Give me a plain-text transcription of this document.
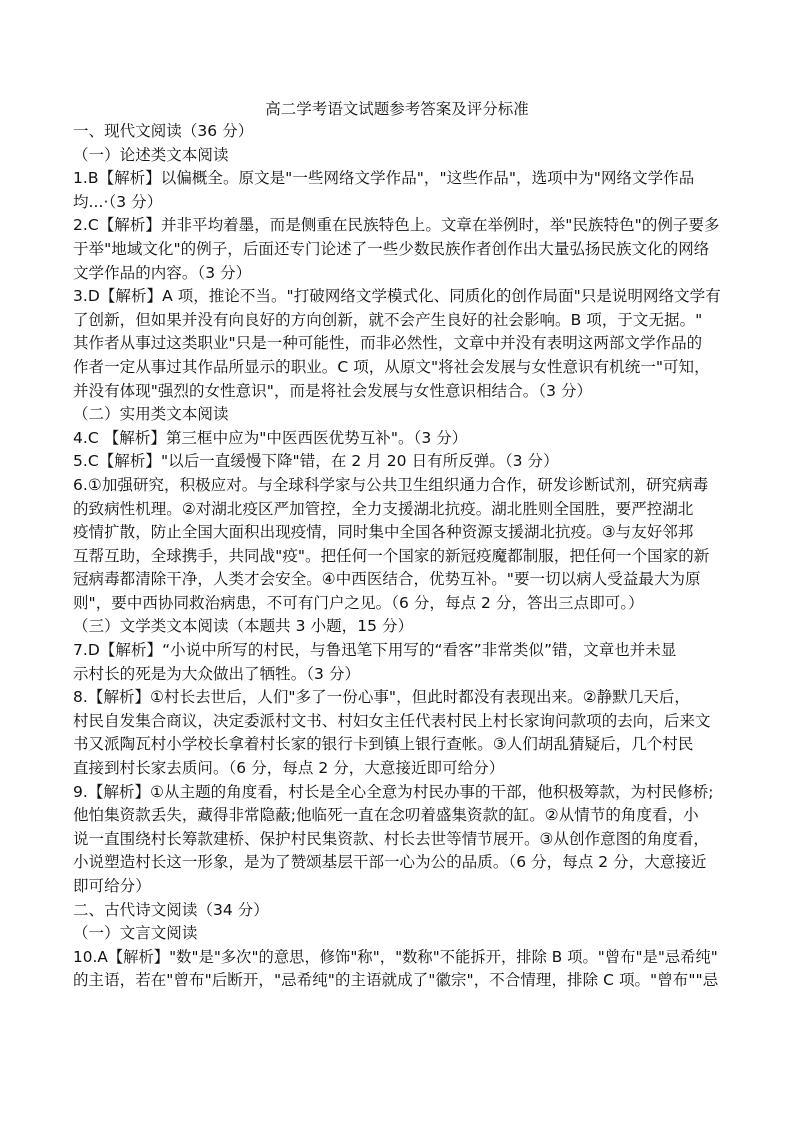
高二学考语文试题参考答案及评分标准

一、现代文阅读（36 分）

（一）论述类文本阅读

1.B【解析】以偏概全。原文是"一些网络文学作品"，"这些作品"，选项中为"网络文学作品

均...·（3 分）

2.C【解析】并非平均着墨，而是侧重在民族特色上。文章在举例时，举"民族特色"的例子要多

于举"地域文化"的例子，后面还专门论述了一些少数民族作者创作出大量弘扬民族文化的网络

文学作品的内容。（3 分）

3.D【解析】A 项，推论不当。"打破网络文学模式化、同质化的创作局面"只是说明网络文学有

了创新，但如果并没有向良好的方向创新，就不会产生良好的社会影响。B 项，于文无据。"

其作者从事过这类职业"只是一种可能性，而非必然性，文章中并没有表明这两部文学作品的

作者一定从事过其作品所显示的职业。C 项，从原文"将社会发展与女性意识有机统一"可知，

并没有体现"强烈的女性意识"，而是将社会发展与女性意识相结合。（3 分）

（二）实用类文本阅读

4.C 【解析】第三框中应为"中医西医优势互补"。（3 分）

5.C【解析】"以后一直缓慢下降"错，在 2 月 20 日有所反弹。（3 分）

6.①加强研究，积极应对。与全球科学家与公共卫生组织通力合作，研发诊断试剂，研究病毒

的致病性机理。②对湖北疫区严加管控，全力支援湖北抗疫。湖北胜则全国胜，要严控湖北

疫情扩散，防止全国大面积出现疫情，同时集中全国各种资源支援湖北抗疫。③与友好邻邦

互帮互助，全球携手，共同战"疫"。把任何一个国家的新冠疫魔都制服，把任何一个国家的新

冠病毒都清除干净，人类才会安全。④中西医结合，优势互补。"要一切以病人受益最大为原

则"，要中西协同救治病患，不可有门户之见。（6 分，每点 2 分，答出三点即可。）

（三）文学类文本阅读（本题共 3 小题，15 分）

7.D【解析】“小说中所写的村民，与鲁迅笔下用写的“看客”非常类似”错，文章也并未显

示村长的死是为大众做出了牺牲。（3 分）

8.【解析】①村长去世后，人们"多了一份心事"，但此时都没有表现出来。②静默几天后，

村民自发集合商议，决定委派村文书、村妇女主任代表村民上村长家询问款项的去向，后来文

书又派陶瓦村小学校长拿着村长家的银行卡到镇上银行查帐。③人们胡乱猜疑后，几个村民

直接到村长家去质问。（6 分，每点 2 分，大意接近即可给分）

9.【解析】①从主题的角度看，村长是全心全意为村民办事的干部，他积极筹款，为村民修桥;

他怕集资款丢失，藏得非常隐蔽;他临死一直在念叨着盛集资款的缸。②从情节的角度看，小

说一直围绕村长筹款建桥、保护村民集资款、村长去世等情节展开。③从创作意图的角度看，

小说塑造村长这一形象，是为了赞颂基层干部一心为公的品质。（6 分，每点 2 分，大意接近

即可给分）

二、古代诗文阅读（34 分）

（一）文言文阅读

10.A【解析】"数"是"多次"的意思，修饰"称"，"数称"不能拆开，排除 B 项。"曾布"是"忌希纯"

的主语，若在"曾布"后断开，"忌希纯"的主语就成了"徽宗"，不合情理，排除 C 项。"曾布""忌
